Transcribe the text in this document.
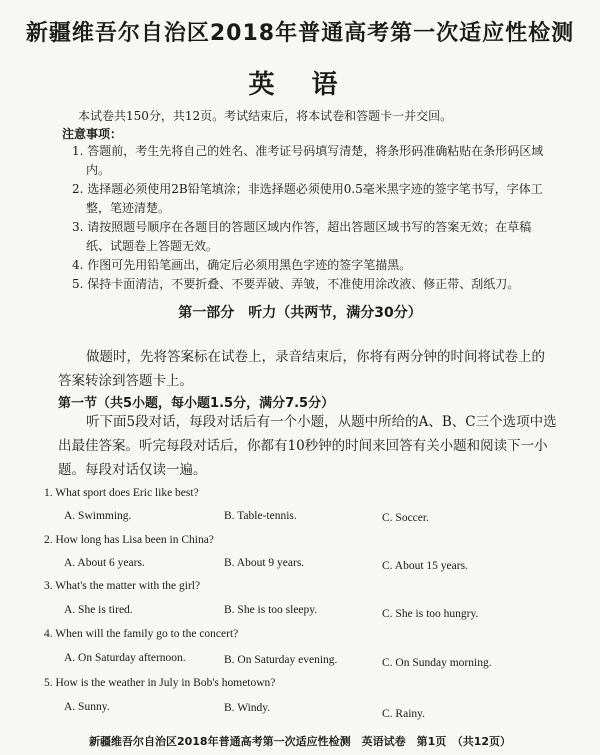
新疆维吾尔自治区2018年普通高考第一次适应性检测
英 语
本试卷共150分，共12页。考试结束后，将本试卷和答题卡一并交回。
注意事项：

1. 答题前，考生先将自己的姓名、准考证号码填写清楚，将条形码准确粘贴在条形码区域内。

2. 选择题必须使用2B铅笔填涂；非选择题必须使用0.5毫米黑字迹的签字笔书写，字体工整，笔迹清楚。

3. 请按照题号顺序在各题目的答题区域内作答，超出答题区域书写的答案无效；在草稿纸、试题卷上答题无效。

4. 作图可先用铅笔画出，确定后必须用黑色字迹的签字笔描黑。

5. 保持卡面清洁，不要折叠、不要弄破、弄皱，不准使用涂改液、修正带、刮纸刀。

第一部分　听力（共两节，满分30分）
做题时，先将答案标在试卷上，录音结束后，你将有两分钟的时间将试卷上的答案转涂到答题卡上。
第一节（共5小题，每小题1.5分，满分7.5分）
听下面5段对话，每段对话后有一个小题，从题中所给的A、B、C三个选项中选出最佳答案。听完每段对话后，你都有10秒钟的时间来回答有关小题和阅读下一小题。每段对话仅读一遍。
1. What sport does Eric like best?
A. Swimming.	B. Table-tennis.	C. Soccer.
2. How long has Lisa been in China?
A. About 6 years.	B. About 9 years.	C. About 15 years.
3. What's the matter with the girl?
A. She is tired.	B. She is too sleepy.	C. She is too hungry.
4. When will the family go to the concert?
A. On Saturday afternoon.	B. On Saturday evening.	C. On Sunday morning.
5. How is the weather in July in Bob's hometown?
A. Sunny.	B. Windy.	C. Rainy.
新疆维吾尔自治区2018年普通高考第一次适应性检测　英语试卷　第1页　（共12页）
